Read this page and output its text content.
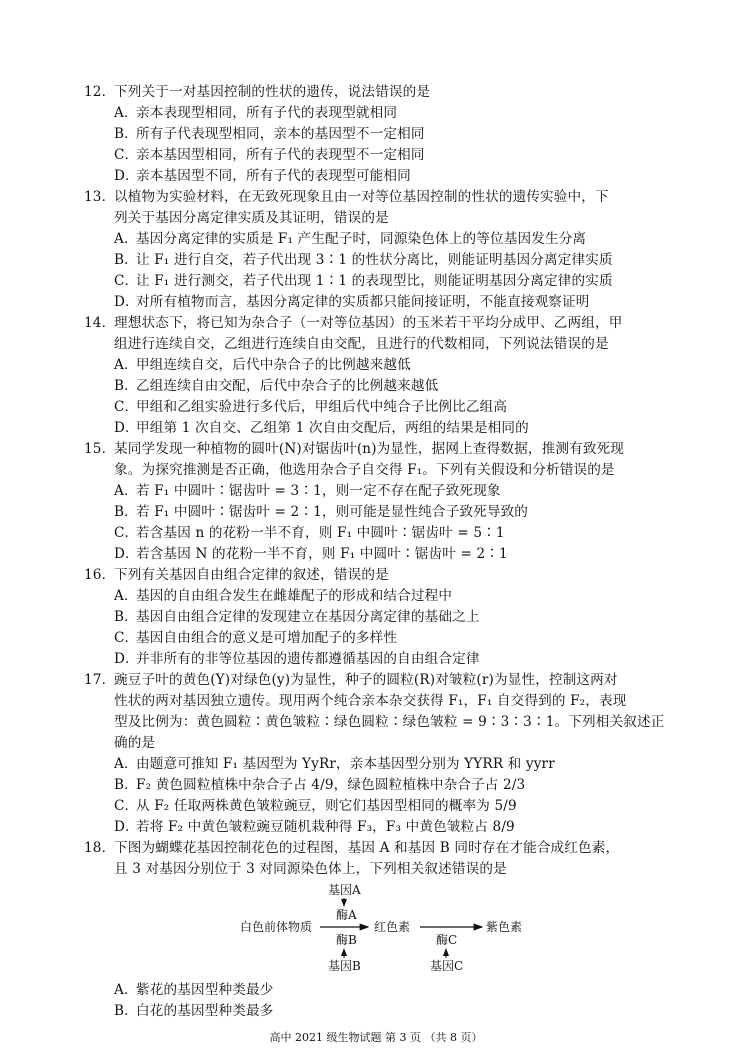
12．下列关于一对基因控制的性状的遗传，说法错误的是
A．亲本表现型相同，所有子代的表现型就相同
B．所有子代表现型相同，亲本的基因型不一定相同
C．亲本基因型相同，所有子代的表现型不一定相同
D．亲本基因型不同，所有子代的表现型可能相同
13．以植物为实验材料，在无致死现象且由一对等位基因控制的性状的遗传实验中，下
列关于基因分离定律实质及其证明，错误的是
A．基因分离定律的实质是 F₁ 产生配子时，同源染色体上的等位基因发生分离
B．让 F₁ 进行自交，若子代出现 3∶1 的性状分离比，则能证明基因分离定律实质
C．让 F₁ 进行测交，若子代出现 1∶1 的表现型比，则能证明基因分离定律的实质
D．对所有植物而言，基因分离定律的实质都只能间接证明，不能直接观察证明
14．理想状态下，将已知为杂合子（一对等位基因）的玉米若干平均分成甲、乙两组，甲
组进行连续自交，乙组进行连续自由交配，且进行的代数相同，下列说法错误的是
A．甲组连续自交，后代中杂合子的比例越来越低
B．乙组连续自由交配，后代中杂合子的比例越来越低
C．甲组和乙组实验进行多代后，甲组后代中纯合子比例比乙组高
D．甲组第 1 次自交、乙组第 1 次自由交配后，两组的结果是相同的
15．某同学发现一种植物的圆叶(N)对锯齿叶(n)为显性，据网上查得数据，推测有致死现
象。为探究推测是否正确，他选用杂合子自交得 F₁。下列有关假设和分析错误的是
A．若 F₁ 中圆叶∶锯齿叶 = 3∶1，则一定不存在配子致死现象
B．若 F₁ 中圆叶∶锯齿叶 = 2∶1，则可能是显性纯合子致死导致的
C．若含基因 n 的花粉一半不育，则 F₁ 中圆叶∶锯齿叶 = 5∶1
D．若含基因 N 的花粉一半不育，则 F₁ 中圆叶∶锯齿叶 = 2∶1
16．下列有关基因自由组合定律的叙述，错误的是
A．基因的自由组合发生在雌雄配子的形成和结合过程中
B．基因自由组合定律的发现建立在基因分离定律的基础之上
C．基因自由组合的意义是可增加配子的多样性
D．并非所有的非等位基因的遗传都遵循基因的自由组合定律
17．豌豆子叶的黄色(Y)对绿色(y)为显性，种子的圆粒(R)对皱粒(r)为显性，控制这两对
性状的两对基因独立遗传。现用两个纯合亲本杂交获得 F₁，F₁ 自交得到的 F₂，表现
型及比例为：黄色圆粒∶黄色皱粒∶绿色圆粒∶绿色皱粒 = 9∶3∶3∶1。下列相关叙述正
确的是
A．由题意可推知 F₁ 基因型为 YyRr，亲本基因型分别为 YYRR 和 yyrr
B．F₂ 黄色圆粒植株中杂合子占 4/9，绿色圆粒植株中杂合子占 2/3
C．从 F₂ 任取两株黄色皱粒豌豆，则它们基因型相同的概率为 5/9
D．若将 F₂ 中黄色皱粒豌豆随机栽种得 F₃，F₃ 中黄色皱粒占 8/9
18．下图为蝴蝶花基因控制花色的过程图，基因 A 和基因 B 同时存在才能合成红色素，
且 3 对基因分别位于 3 对同源染色体上，下列相关叙述错误的是
白色前体物质
基因A
酶A
酶B
基因B
红色素	紫色素
酶C
基因C
A．紫花的基因型种类最少
B．白花的基因型种类最多
高中 2021 级生物试题 第 3 页 （共 8 页）
